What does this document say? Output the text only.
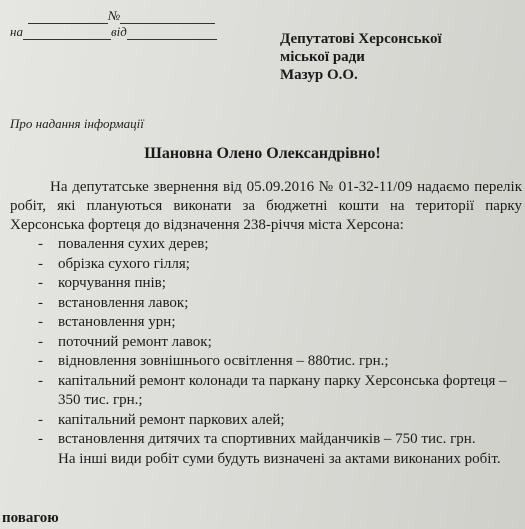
№
на	від	Депутатові Херсонської
міської ради
Мазур О.О.
Про надання інформації
Шановна Олено Олександрівно!

На депутатське звернення від 05.09.2016 № 01-32-11/09 надаємо перелік робіт, які плануються виконати за бюджетні кошти на території парку Херсонська фортеця до відзначення 238-річчя міста Херсона:

- повалення сухих дерев;
- обрізка сухого гілля;
- корчування пнів;
- встановлення лавок;
- встановлення урн;
- поточний ремонт лавок;
- відновлення зовнішнього освітлення – 880тис. грн.;
- капітальний ремонт колонади та паркану парку Херсонська фортеця – 350 тис. грн.;
- капітальний ремонт паркових алей;
- встановлення дитячих та спортивних майданчиків – 750 тис. грн.
На інші види робіт суми будуть визначені за актами виконаних робіт.
повагою
